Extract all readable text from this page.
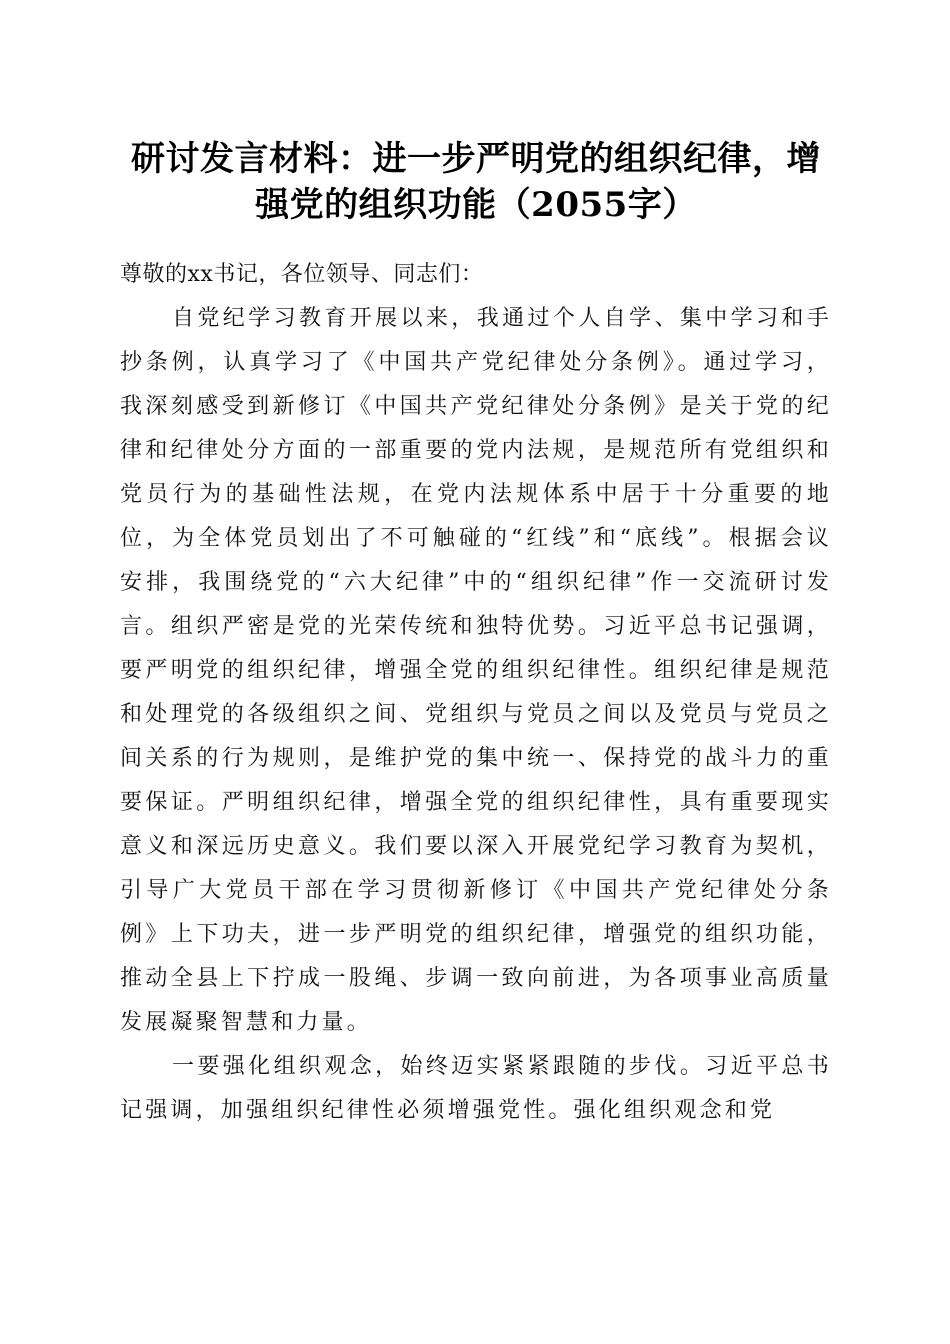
研讨发言材料：进一步严明党的组织纪律，增
强党的组织功能（2055字）

尊敬的xx书记，各位领导、同志们：

自党纪学习教育开展以来，我通过个人自学、集中学习和手抄条例，认真学习了《中国共产党纪律处分条例》。通过学习，我深刻感受到新修订《中国共产党纪律处分条例》是关于党的纪律和纪律处分方面的一部重要的党内法规，是规范所有党组织和党员行为的基础性法规，在党内法规体系中居于十分重要的地位，为全体党员划出了不可触碰的“红线”和“底线”。根据会议安排，我围绕党的“六大纪律”中的“组织纪律”作一交流研讨发言。组织严密是党的光荣传统和独特优势。习近平总书记强调，要严明党的组织纪律，增强全党的组织纪律性。组织纪律是规范和处理党的各级组织之间、党组织与党员之间以及党员与党员之间关系的行为规则，是维护党的集中统一、保持党的战斗力的重要保证。严明组织纪律，增强全党的组织纪律性，具有重要现实意义和深远历史意义。我们要以深入开展党纪学习教育为契机，引导广大党员干部在学习贯彻新修订《中国共产党纪律处分条例》上下功夫，进一步严明党的组织纪律，增强党的组织功能，推动全县上下拧成一股绳、步调一致向前进，为各项事业高质量发展凝聚智慧和力量。

一要强化组织观念，始终迈实紧紧跟随的步伐。习近平总书记强调，加强组织纪律性必须增强党性。强化组织观念和党
